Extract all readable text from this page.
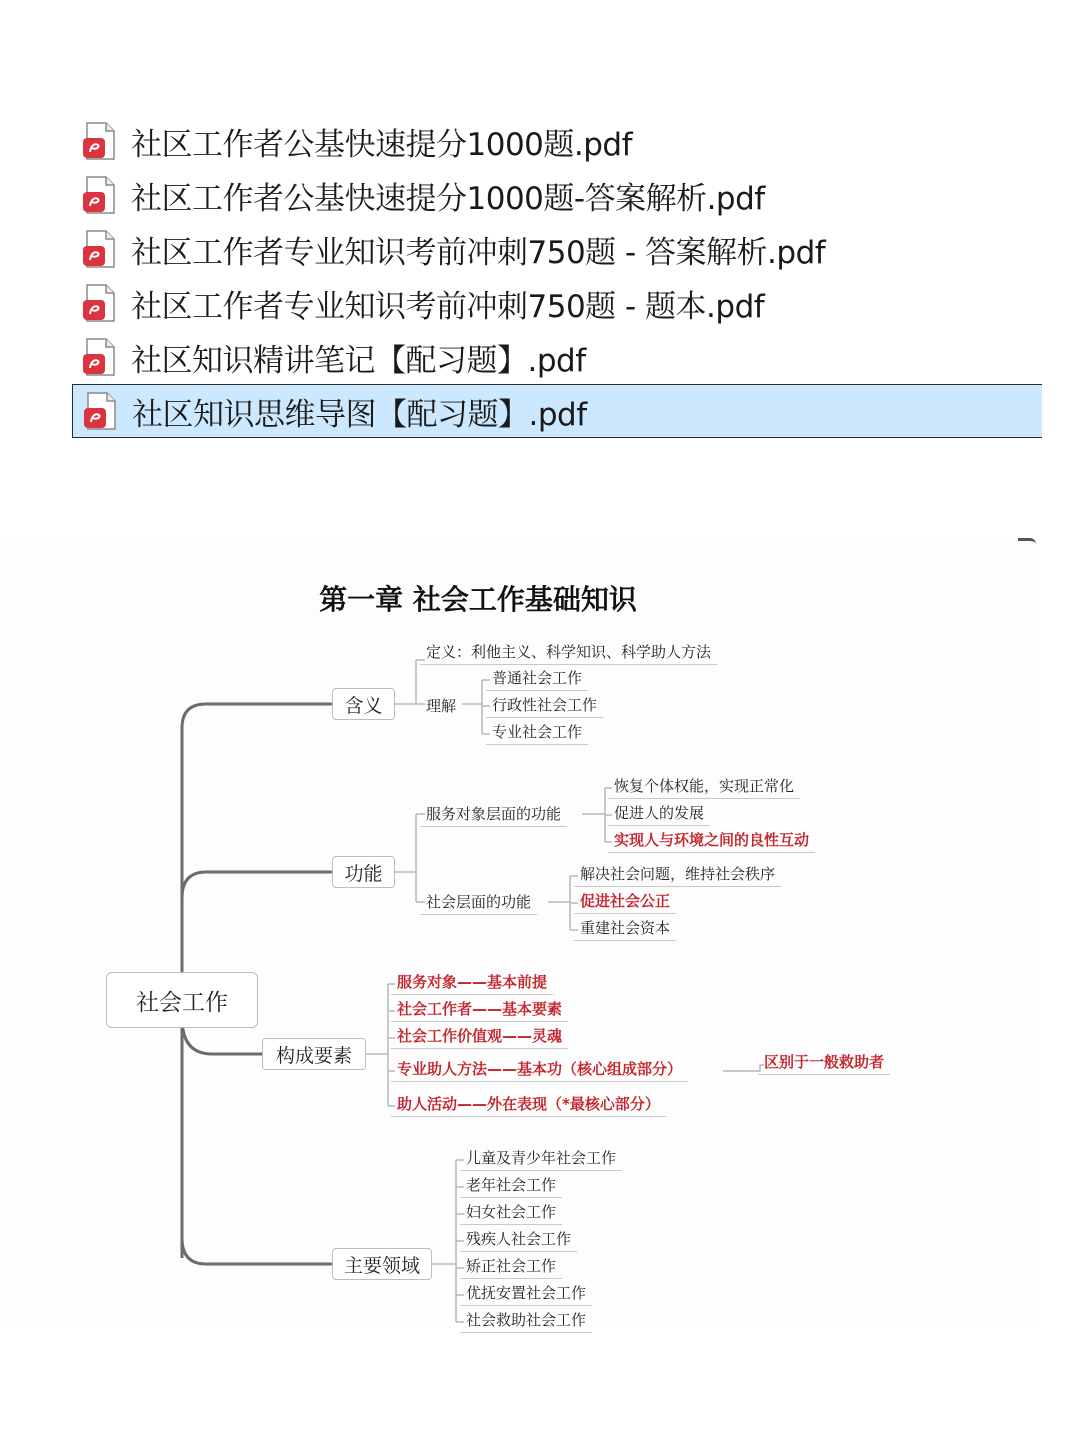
社区工作者公基快速提分1000题.pdf
社区工作者公基快速提分1000题-答案解析.pdf
社区工作者专业知识考前冲刺750题 - 答案解析.pdf
社区工作者专业知识考前冲刺750题 - 题本.pdf
社区知识精讲笔记【配习题】.pdf
社区知识思维导图【配习题】.pdf
第一章 社会工作基础知识
社会工作
含义
定义：利他主义、科学知识、科学助人方法
理解
普通社会工作
行政性社会工作
专业社会工作
功能
服务对象层面的功能
恢复个体权能，实现正常化
促进人的发展
实现人与环境之间的良性互动
社会层面的功能
解决社会问题，维持社会秩序
促进社会公正
重建社会资本
构成要素
服务对象——基本前提
社会工作者——基本要素
社会工作价值观——灵魂
专业助人方法——基本功（核心组成部分）
助人活动——外在表现（*最核心部分）
区别于一般救助者
主要领域
儿童及青少年社会工作
老年社会工作
妇女社会工作
残疾人社会工作
矫正社会工作
优抚安置社会工作
社会救助社会工作
